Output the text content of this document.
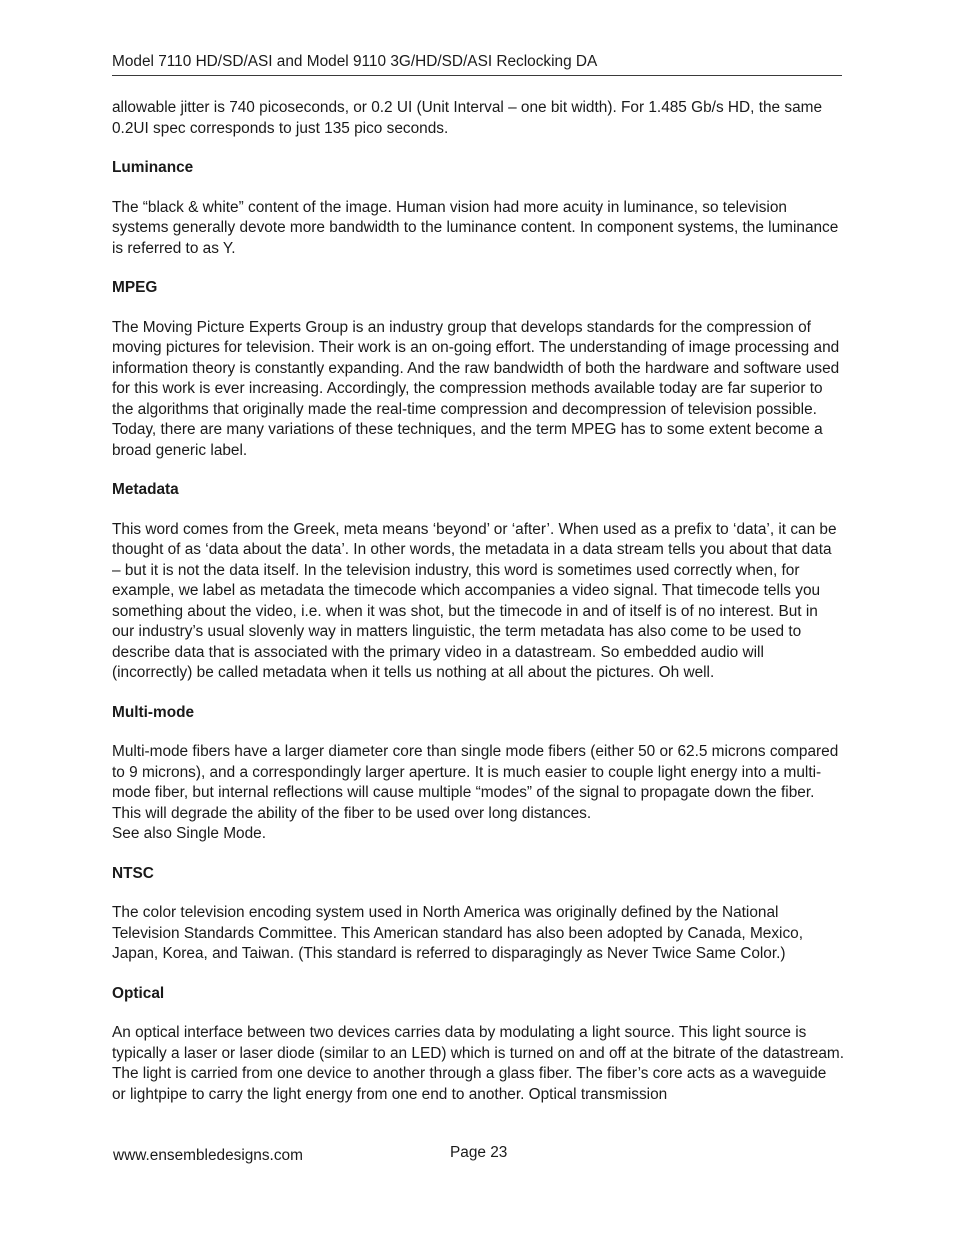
Model 7110 HD/SD/ASI and Model 9110 3G/HD/SD/ASI Reclocking DA

allowable jitter is 740 picoseconds, or 0.2 UI (Unit Interval – one bit width). For 1.485 Gb/s HD, the same 0.2UI spec corresponds to just 135 pico seconds.

Luminance

The “black & white” content of the image. Human vision had more acuity in luminance, so television systems generally devote more bandwidth to the luminance content. In component systems, the luminance is referred to as Y.

MPEG

The Moving Picture Experts Group is an industry group that develops standards for the compression of moving pictures for television. Their work is an on-going effort. The understanding of image processing and information theory is constantly expanding. And the raw bandwidth of both the hardware and software used for this work is ever increasing. Accordingly, the compression methods available today are far superior to the algorithms that originally made the real-time compression and decompression of television possible. Today, there are many variations of these techniques, and the term MPEG has to some extent become a broad generic label.

Metadata

This word comes from the Greek, meta means ‘beyond’ or ‘after’. When used as a prefix to ‘data’, it can be thought of as ‘data about the data’. In other words, the metadata in a data stream tells you about that data – but it is not the data itself. In the television industry, this word is sometimes used correctly when, for example, we label as metadata the timecode which accompanies a video signal. That timecode tells you something about the video, i.e. when it was shot, but the timecode in and of itself is of no interest. But in our industry’s usual slovenly way in matters linguistic, the term metadata has also come to be used to describe data that is associated with the primary video in a datastream. So embedded audio will (incorrectly) be called metadata when it tells us nothing at all about the pictures. Oh well.

Multi-mode

Multi-mode fibers have a larger diameter core than single mode fibers (either 50 or 62.5 microns compared to 9 microns), and a correspondingly larger aperture. It is much easier to couple light energy into a multi-mode fiber, but internal reflections will cause multiple “modes” of the signal to propagate down the fiber. This will degrade the ability of the fiber to be used over long distances.

See also Single Mode.

NTSC

The color television encoding system used in North America was originally defined by the National Television Standards Committee. This American standard has also been adopted by Canada, Mexico, Japan, Korea, and Taiwan. (This standard is referred to disparagingly as Never Twice Same Color.)

Optical

An optical interface between two devices carries data by modulating a light source. This light source is typically a laser or laser diode (similar to an LED) which is turned on and off at the bitrate of the datastream. The light is carried from one device to another through a glass fiber. The fiber’s core acts as a waveguide or lightpipe to carry the light energy from one end to another. Optical transmission

www.ensembledesigns.com	Page 23
